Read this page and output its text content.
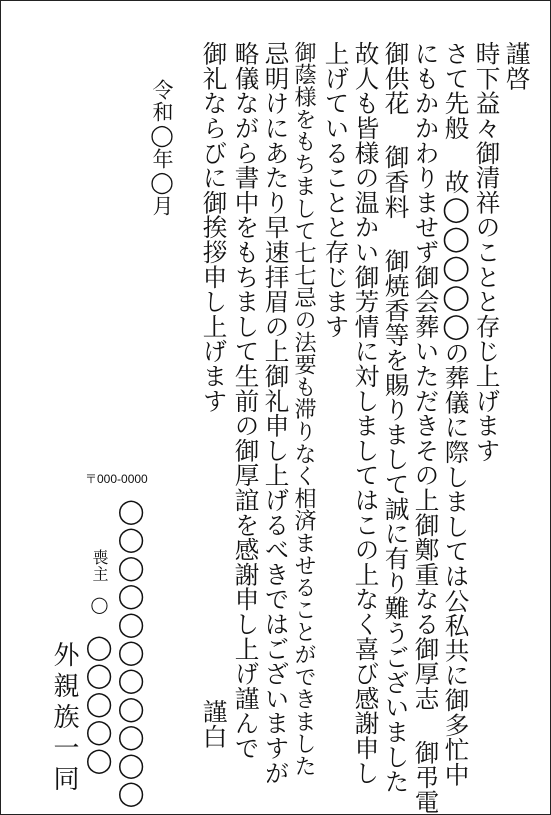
謹啓
時下益々御清祥のことと存じ上げます
さて先般 故◯◯◯◯◯の葬儀に際しましては公私共に御多忙中
にもかかわりませず御会葬いただきその上御鄭重なる御厚志 御弔電
御供花 御香料 御焼香等を賜りまして誠に有り難うございました
故人も皆様の温かい御芳情に対しましてはこの上なく喜び感謝申し
上げていることと存じます
御蔭様をもちまして七七忌の法要も滞りなく相済ませることができました
忌明けにあたり早速拝眉の上御礼申し上げるべきではございますが
略儀ながら書中をもちまして生前の御厚誼を感謝申し上げ謹んで
御礼ならびに御挨拶申し上げます
謹白
令和◯年◯月
〒000-0000
◯◯◯◯◯◯◯◯◯◯◯
喪主
◯
◯◯◯◯◯
外親族一同
